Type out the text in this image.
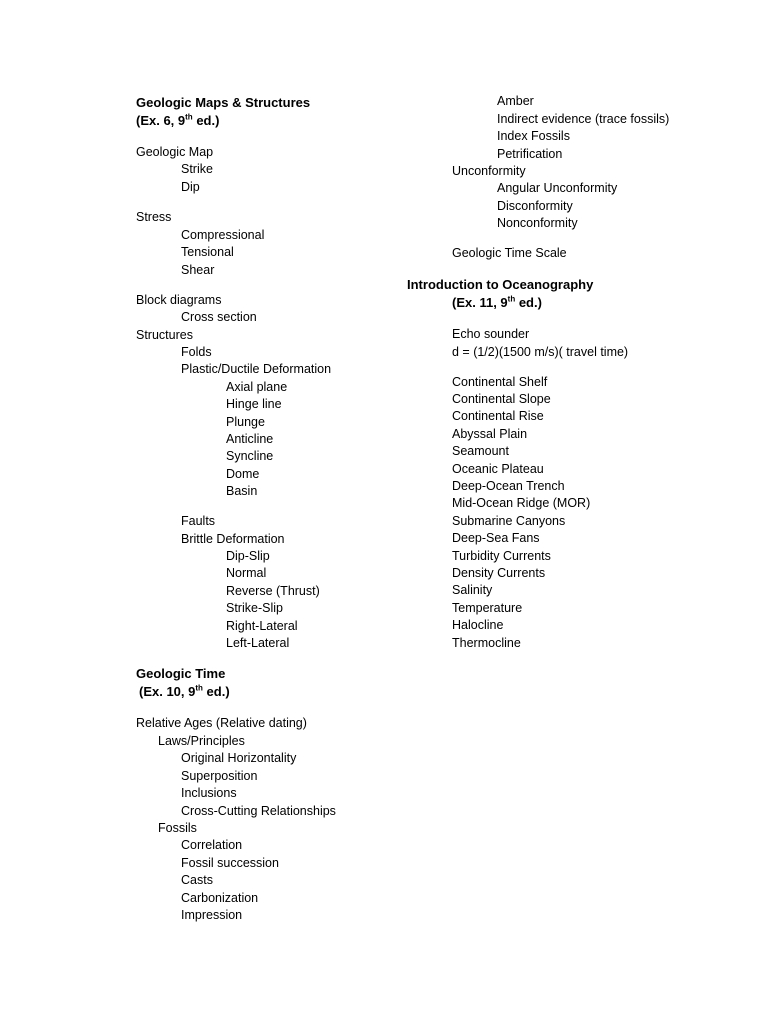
Geologic Maps & Structures
(Ex. 6, 9th ed.)
Geologic Map
Strike
Dip
Stress
Compressional
Tensional
Shear
Block diagrams
Cross section
Structures
Folds
Plastic/Ductile Deformation
Axial plane
Hinge line
Plunge
Anticline
Syncline
Dome
Basin
Faults
Brittle Deformation
Dip-Slip
Normal
Reverse (Thrust)
Strike-Slip
Right-Lateral
Left-Lateral
Geologic Time
(Ex. 10, 9th ed.)
Relative Ages (Relative dating)
Laws/Principles
Original Horizontality
Superposition
Inclusions
Cross-Cutting Relationships
Fossils
Correlation
Fossil succession
Casts
Carbonization
Impression
Amber
Indirect evidence (trace fossils)
Index Fossils
Petrification
Unconformity
Angular Unconformity
Disconformity
Nonconformity
Geologic Time Scale
Introduction to Oceanography
(Ex. 11, 9th ed.)
Echo sounder
d = (1/2)(1500 m/s)( travel time)
Continental Shelf
Continental Slope
Continental Rise
Abyssal Plain
Seamount
Oceanic Plateau
Deep-Ocean Trench
Mid-Ocean Ridge (MOR)
Submarine Canyons
Deep-Sea Fans
Turbidity Currents
Density Currents
Salinity
Temperature
Halocline
Thermocline
